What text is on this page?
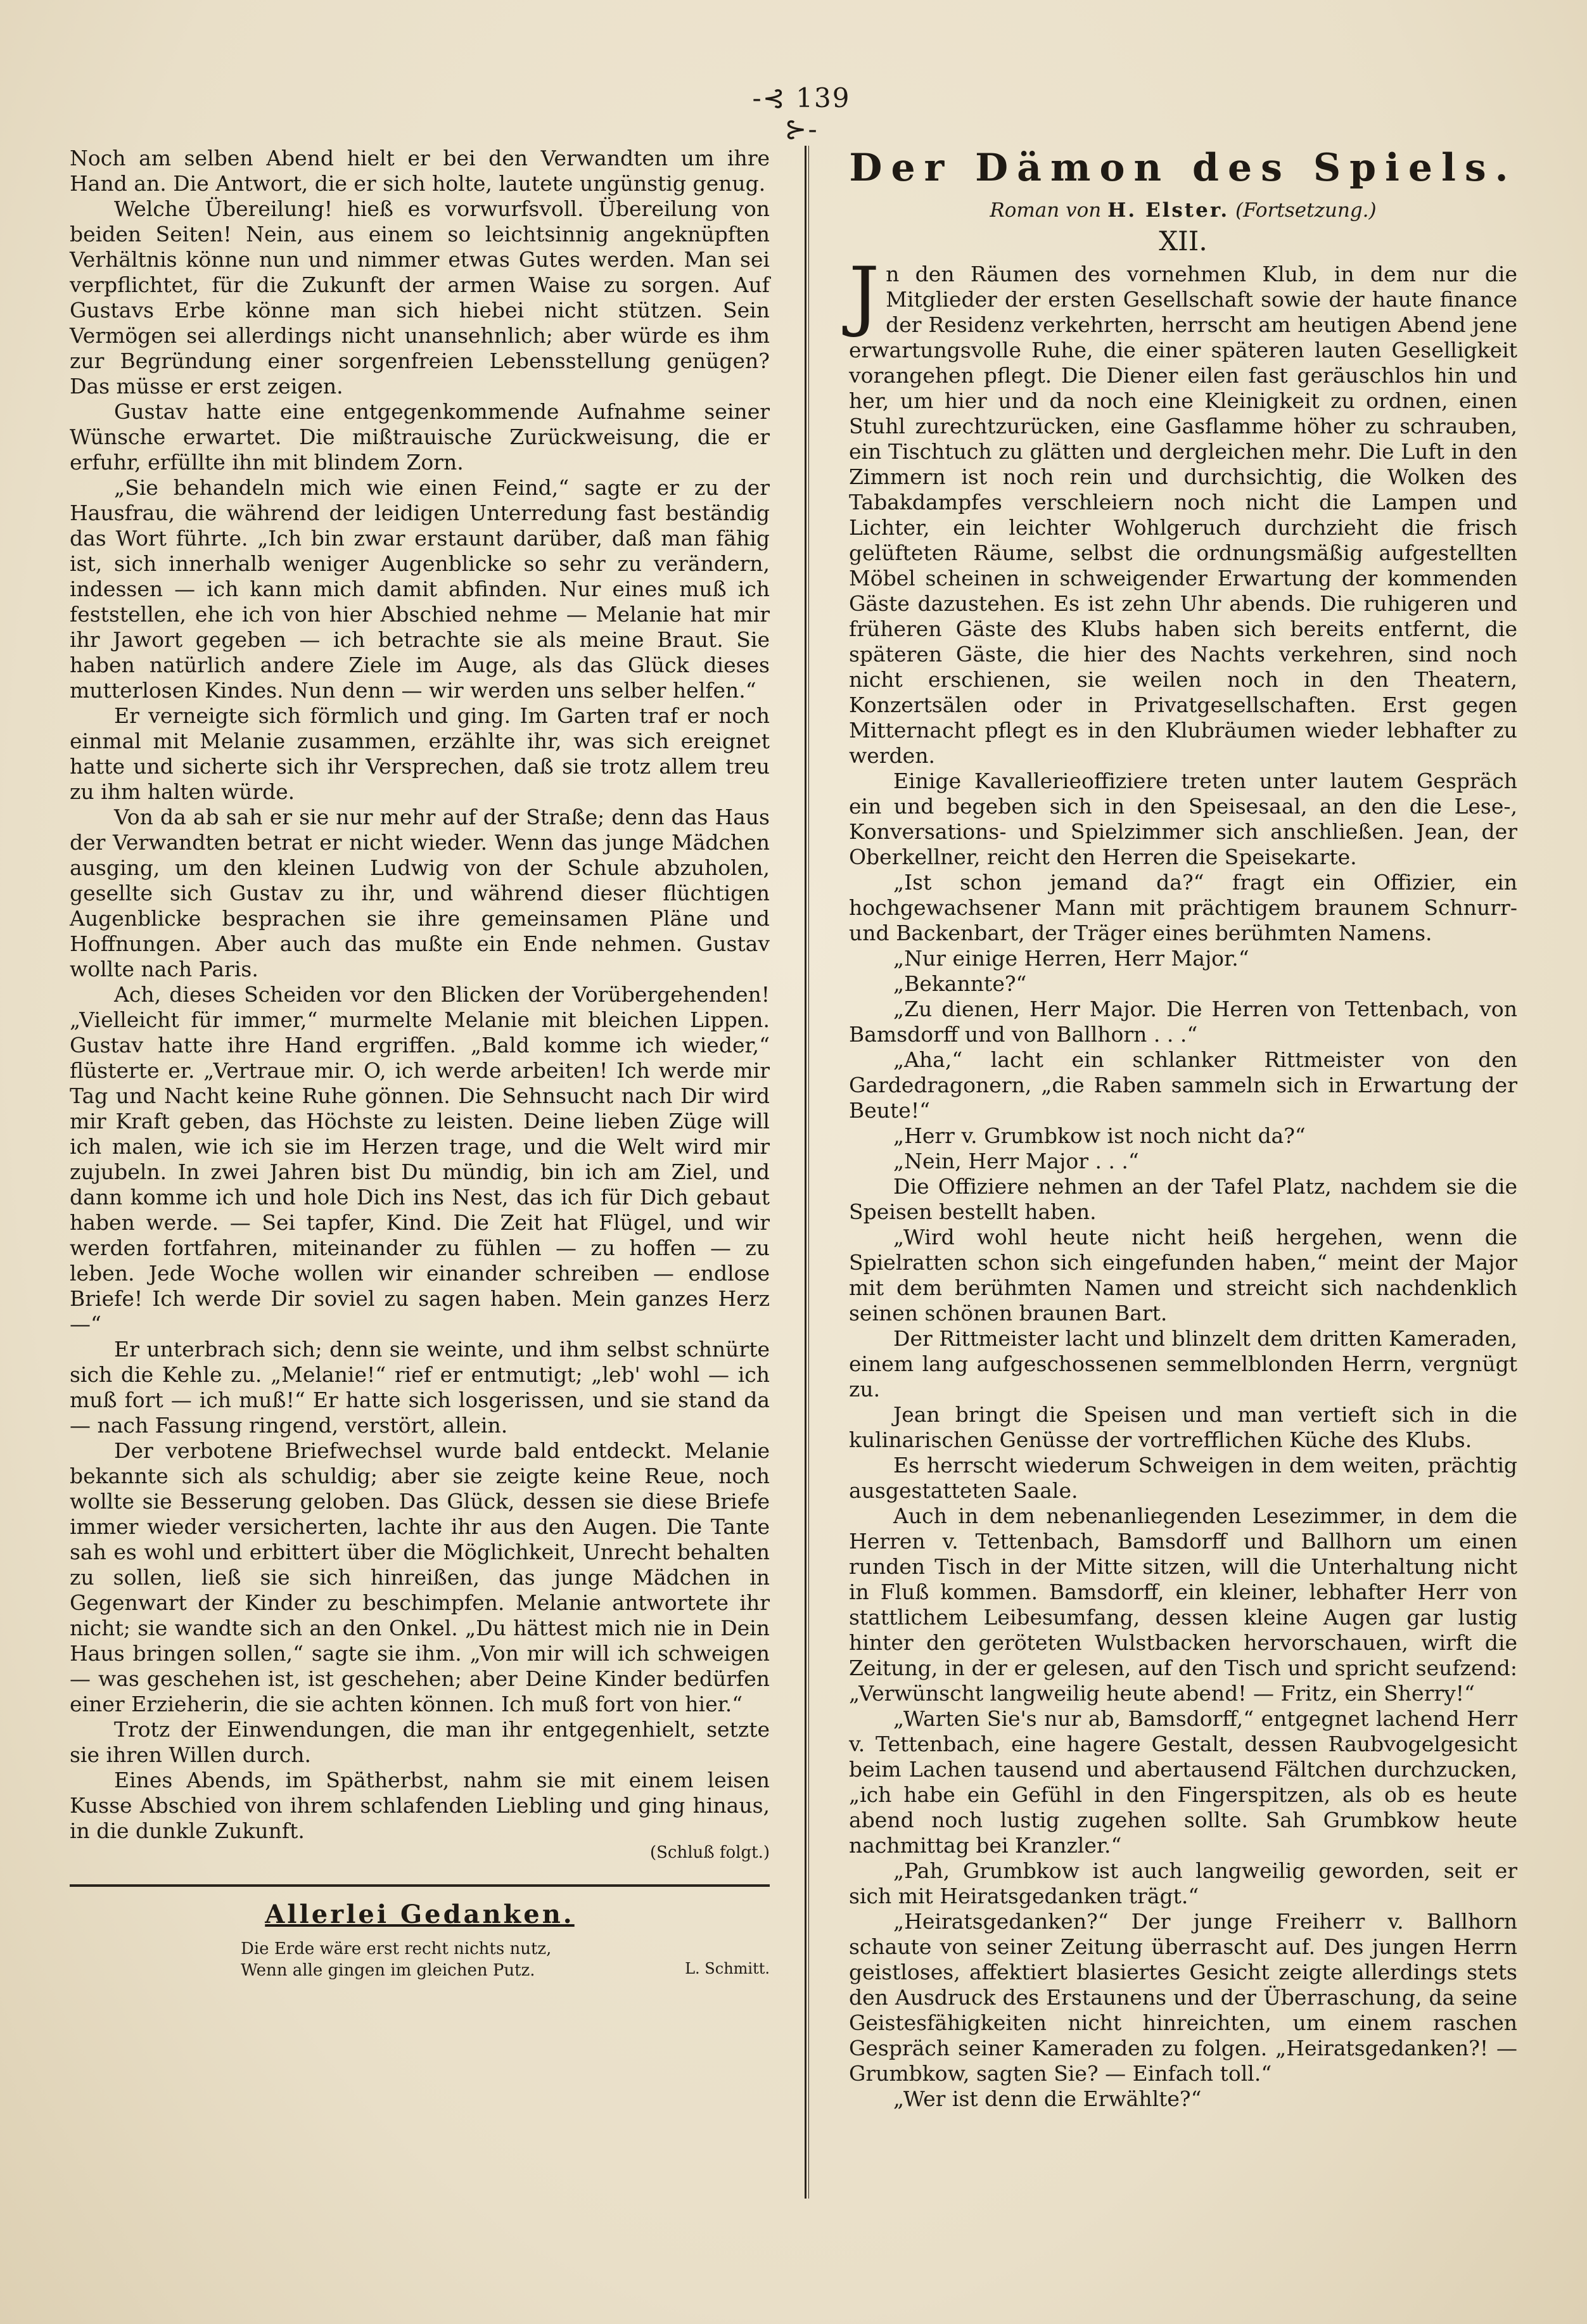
-⊰ 139 ⊱-

Noch am selben Abend hielt er bei den Verwandten um ihre Hand an. Die Antwort, die er sich holte, lautete ungünstig genug.

Welche Übereilung! hieß es vorwurfsvoll. Übereilung von beiden Seiten! Nein, aus einem so leichtsinnig angeknüpften Verhältnis könne nun und nimmer etwas Gutes werden. Man sei verpflichtet, für die Zukunft der armen Waise zu sorgen. Auf Gustavs Erbe könne man sich hiebei nicht stützen. Sein Vermögen sei allerdings nicht unansehnlich; aber würde es ihm zur Begründung einer sorgenfreien Lebensstellung genügen? Das müsse er erst zeigen.

Gustav hatte eine entgegenkommende Aufnahme seiner Wünsche erwartet. Die mißtrauische Zurückweisung, die er erfuhr, erfüllte ihn mit blindem Zorn.

„Sie behandeln mich wie einen Feind,“ sagte er zu der Hausfrau, die während der leidigen Unterredung fast beständig das Wort führte. „Ich bin zwar erstaunt darüber, daß man fähig ist, sich innerhalb weniger Augenblicke so sehr zu verändern, indessen — ich kann mich damit abfinden. Nur eines muß ich feststellen, ehe ich von hier Abschied nehme — Melanie hat mir ihr Jawort gegeben — ich betrachte sie als meine Braut. Sie haben natürlich andere Ziele im Auge, als das Glück dieses mutterlosen Kindes. Nun denn — wir werden uns selber helfen.“

Er verneigte sich förmlich und ging. Im Garten traf er noch einmal mit Melanie zusammen, erzählte ihr, was sich ereignet hatte und sicherte sich ihr Versprechen, daß sie trotz allem treu zu ihm halten würde.

Von da ab sah er sie nur mehr auf der Straße; denn das Haus der Verwandten betrat er nicht wieder. Wenn das junge Mädchen ausging, um den kleinen Ludwig von der Schule abzuholen, gesellte sich Gustav zu ihr, und während dieser flüchtigen Augenblicke besprachen sie ihre gemeinsamen Pläne und Hoffnungen. Aber auch das mußte ein Ende nehmen. Gustav wollte nach Paris.

Ach, dieses Scheiden vor den Blicken der Vorübergehenden! „Vielleicht für immer,“ murmelte Melanie mit bleichen Lippen. Gustav hatte ihre Hand ergriffen. „Bald komme ich wieder,“ flüsterte er. „Vertraue mir. O, ich werde arbeiten! Ich werde mir Tag und Nacht keine Ruhe gönnen. Die Sehnsucht nach Dir wird mir Kraft geben, das Höchste zu leisten. Deine lieben Züge will ich malen, wie ich sie im Herzen trage, und die Welt wird mir zujubeln. In zwei Jahren bist Du mündig, bin ich am Ziel, und dann komme ich und hole Dich ins Nest, das ich für Dich gebaut haben werde. — Sei tapfer, Kind. Die Zeit hat Flügel, und wir werden fortfahren, miteinander zu fühlen — zu hoffen — zu leben. Jede Woche wollen wir einander schreiben — endlose Briefe! Ich werde Dir soviel zu sagen haben. Mein ganzes Herz —“

Er unterbrach sich; denn sie weinte, und ihm selbst schnürte sich die Kehle zu. „Melanie!“ rief er entmutigt; „leb' wohl — ich muß fort — ich muß!“ Er hatte sich losgerissen, und sie stand da — nach Fassung ringend, verstört, allein.

Der verbotene Briefwechsel wurde bald entdeckt. Melanie bekannte sich als schuldig; aber sie zeigte keine Reue, noch wollte sie Besserung geloben. Das Glück, dessen sie diese Briefe immer wieder versicherten, lachte ihr aus den Augen. Die Tante sah es wohl und erbittert über die Möglichkeit, Unrecht behalten zu sollen, ließ sie sich hinreißen, das junge Mädchen in Gegenwart der Kinder zu beschimpfen. Melanie antwortete ihr nicht; sie wandte sich an den Onkel. „Du hättest mich nie in Dein Haus bringen sollen,“ sagte sie ihm. „Von mir will ich schweigen — was geschehen ist, ist geschehen; aber Deine Kinder bedürfen einer Erzieherin, die sie achten können. Ich muß fort von hier.“

Trotz der Einwendungen, die man ihr entgegenhielt, setzte sie ihren Willen durch.

Eines Abends, im Spätherbst, nahm sie mit einem leisen Kusse Abschied von ihrem schlafenden Liebling und ging hinaus, in die dunkle Zukunft.

(Schluß folgt.)

Allerlei Gedanken.
Die Erde wäre erst recht nichts nutz,
Wenn alle gingen im gleichen Putz.	L. Schmitt.
Der Dämon des Spiels.
Roman von H. Elster. (Fortsetzung.)
XII.

Jn den Räumen des vornehmen Klub, in dem nur die Mitglieder der ersten Gesellschaft sowie der haute finance der Residenz verkehrten, herrscht am heutigen Abend jene erwartungsvolle Ruhe, die einer späteren lauten Geselligkeit vorangehen pflegt. Die Diener eilen fast geräuschlos hin und her, um hier und da noch eine Kleinigkeit zu ordnen, einen Stuhl zurechtzurücken, eine Gasflamme höher zu schrauben, ein Tischtuch zu glätten und dergleichen mehr. Die Luft in den Zimmern ist noch rein und durchsichtig, die Wolken des Tabakdampfes verschleiern noch nicht die Lampen und Lichter, ein leichter Wohlgeruch durchzieht die frisch gelüfteten Räume, selbst die ordnungsmäßig aufgestellten Möbel scheinen in schweigender Erwartung der kommenden Gäste dazustehen. Es ist zehn Uhr abends. Die ruhigeren und früheren Gäste des Klubs haben sich bereits entfernt, die späteren Gäste, die hier des Nachts verkehren, sind noch nicht erschienen, sie weilen noch in den Theatern, Konzertsälen oder in Privatgesellschaften. Erst gegen Mitternacht pflegt es in den Klubräumen wieder lebhafter zu werden.

Einige Kavallerieoffiziere treten unter lautem Gespräch ein und begeben sich in den Speisesaal, an den die Lese-, Konversations- und Spielzimmer sich anschließen. Jean, der Oberkellner, reicht den Herren die Speisekarte.

„Ist schon jemand da?“ fragt ein Offizier, ein hochgewachsener Mann mit prächtigem braunem Schnurr- und Backenbart, der Träger eines berühmten Namens.

„Nur einige Herren, Herr Major.“

„Bekannte?“

„Zu dienen, Herr Major. Die Herren von Tettenbach, von Bamsdorff und von Ballhorn . . .“

„Aha,“ lacht ein schlanker Rittmeister von den Gardedragonern, „die Raben sammeln sich in Erwartung der Beute!“

„Herr v. Grumbkow ist noch nicht da?“

„Nein, Herr Major . . .“

Die Offiziere nehmen an der Tafel Platz, nachdem sie die Speisen bestellt haben.

„Wird wohl heute nicht heiß hergehen, wenn die Spielratten schon sich eingefunden haben,“ meint der Major mit dem berühmten Namen und streicht sich nachdenklich seinen schönen braunen Bart.

Der Rittmeister lacht und blinzelt dem dritten Kameraden, einem lang aufgeschossenen semmelblonden Herrn, vergnügt zu.

Jean bringt die Speisen und man vertieft sich in die kulinarischen Genüsse der vortrefflichen Küche des Klubs.

Es herrscht wiederum Schweigen in dem weiten, prächtig ausgestatteten Saale.

Auch in dem nebenanliegenden Lesezimmer, in dem die Herren v. Tettenbach, Bamsdorff und Ballhorn um einen runden Tisch in der Mitte sitzen, will die Unterhaltung nicht in Fluß kommen. Bamsdorff, ein kleiner, lebhafter Herr von stattlichem Leibesumfang, dessen kleine Augen gar lustig hinter den geröteten Wulstbacken hervorschauen, wirft die Zeitung, in der er gelesen, auf den Tisch und spricht seufzend: „Verwünscht langweilig heute abend! — Fritz, ein Sherry!“

„Warten Sie's nur ab, Bamsdorff,“ entgegnet lachend Herr v. Tettenbach, eine hagere Gestalt, dessen Raubvogelgesicht beim Lachen tausend und abertausend Fältchen durchzucken, „ich habe ein Gefühl in den Fingerspitzen, als ob es heute abend noch lustig zugehen sollte. Sah Grumbkow heute nachmittag bei Kranzler.“

„Pah, Grumbkow ist auch langweilig geworden, seit er sich mit Heiratsgedanken trägt.“

„Heiratsgedanken?“ Der junge Freiherr v. Ballhorn schaute von seiner Zeitung überrascht auf. Des jungen Herrn geistloses, affektiert blasiertes Gesicht zeigte allerdings stets den Ausdruck des Erstaunens und der Überraschung, da seine Geistesfähigkeiten nicht hinreichten, um einem raschen Gespräch seiner Kameraden zu folgen. „Heiratsgedanken?! — Grumbkow, sagten Sie? — Einfach toll.“

„Wer ist denn die Erwählte?“
